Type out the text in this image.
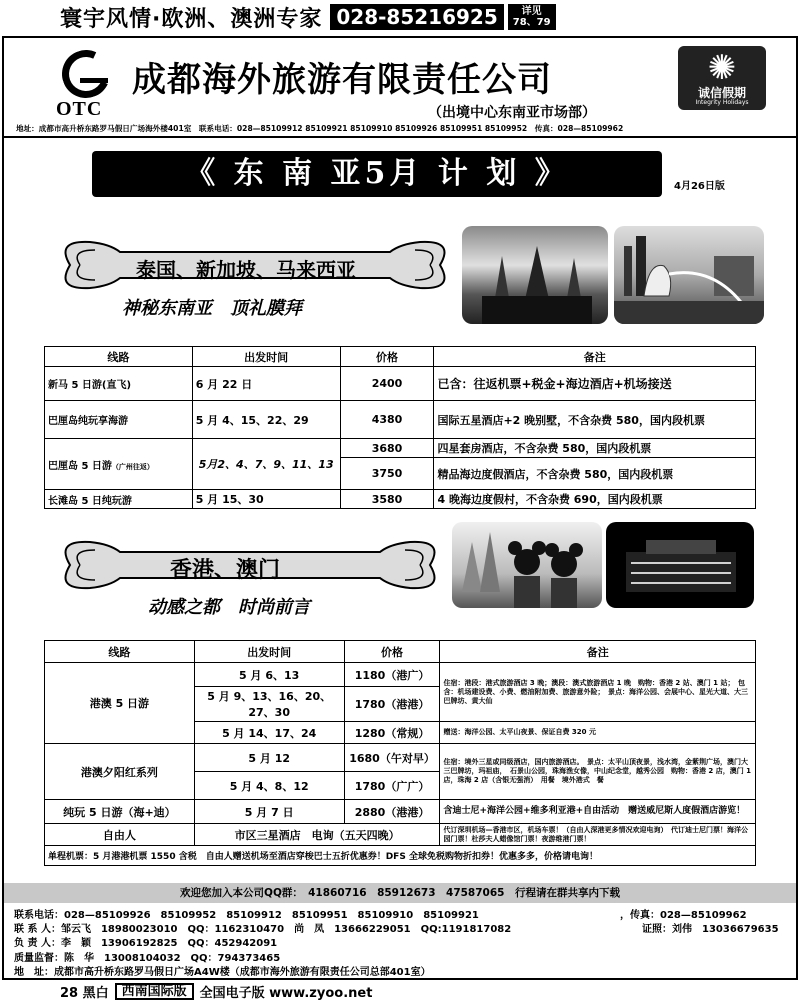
寰宇风情·欧洲、澳洲专家 028-85216925	详见
78、79
OTC
成都海外旅游有限责任公司
（出境中心东南亚市场部）
✺
诚信假期
Integrity Holidays
地址：成都市高升桥东路罗马假日广场海外楼401室　联系电话：028—85109912 85109921 85109910 85109926 85109951 85109952　传真：028—85109962
《 东 南 亚5月 计 划 》	4月26日版
泰国、新加坡、马来西亚
神秘东南亚　顶礼膜拜
线路	出发时间	价格	备注
新马 5 日游(直飞)	6 月 22 日	2400	已含：往返机票+税金+海边酒店+机场接送
巴厘岛纯玩享海游	5 月 4、15、22、29	4380	国际五星酒店+2 晚别墅，不含杂费 580，国内段机票
巴厘岛 5 日游（广州往返）	5月2、4、7、9、11、13	3680	四星套房酒店，不含杂费 580，国内段机票
		3750	精品海边度假酒店，不含杂费 580，国内段机票
长滩岛 5 日纯玩游	5 月 15、30	3580	4 晚海边度假村，不含杂费 690，国内段机票
香港、澳门
动感之都　时尚前言
线路	出发时间	价格	备注
港澳 5 日游	5 月 6、13	1180（港广）	住宿：港段：港式旅游酒店 3 晚；澳段：澳式旅游酒店 1 晚　购物：香港 2 站、澳门 1 站；　包含：机场建设费、小费、燃油附加费、旅游意外险；　景点：海洋公园、会展中心、星光大道、大三巴牌坊、黄大仙
	5 月 9、13、16、20、27、30	1780（港港）	
	5 月 14、17、24	1280（常规）	赠送：海洋公园、太平山夜景、保证自费 320 元
港澳夕阳红系列	5 月 12	1680（午对早）	住宿：境外三星或同级酒店，国内旅游酒店。　景点：太平山顶夜景，浅水湾，金紫荆广场，澳门大三巴牌坊，玛祖庙，　石景山公园，珠海渔女像，中山纪念堂，越秀公园　购物：香港 2 店，澳门 1 店，珠海 2 店（含银无强消）　用餐　境外港式　餐
	5 月 4、8、12	1780（广广）	
纯玩 5 日游（海+迪）	5 月 7 日	2880（港港）	含迪士尼+海洋公园+维多利亚港+自由活动　赠送威尼斯人度假酒店游览！
自由人	市区三星酒店　电询（五天四晚）		代订深圳机场—香港市区，机场车票！（自由人深港更多情况欢迎电询）　代订迪士尼门票！海洋公园门票！杜莎夫人蜡像馆门票！夜游维港门票！
单程机票：5 月港港机票 1550 含税　自由人赠送机场至酒店穿梭巴士五折优惠券！DFS 全球免税购物折扣券！优惠多多，价格请电询！			
欢迎您加入本公司QQ群：　41860716　85912673　47587065　行程请在群共享内下载
联系电话：028—85109926　85109952　85109912　85109951　85109910　85109921	，传真：028—85109962
联 系 人：邹云飞　18980023010　QQ：1162310470　尚　凤　13666229051　QQ:1191817082	证照：刘伟　13036679635
负 责 人：李　颖　13906192825　QQ：452942091
质量监督：陈　华　13008104032　QQ：794373465
地　址：成都市高升桥东路罗马假日广场A4W楼（成都市海外旅游有限责任公司总部401室）
28 黑白	西南国际版	全国电子版 www.zyoo.net
